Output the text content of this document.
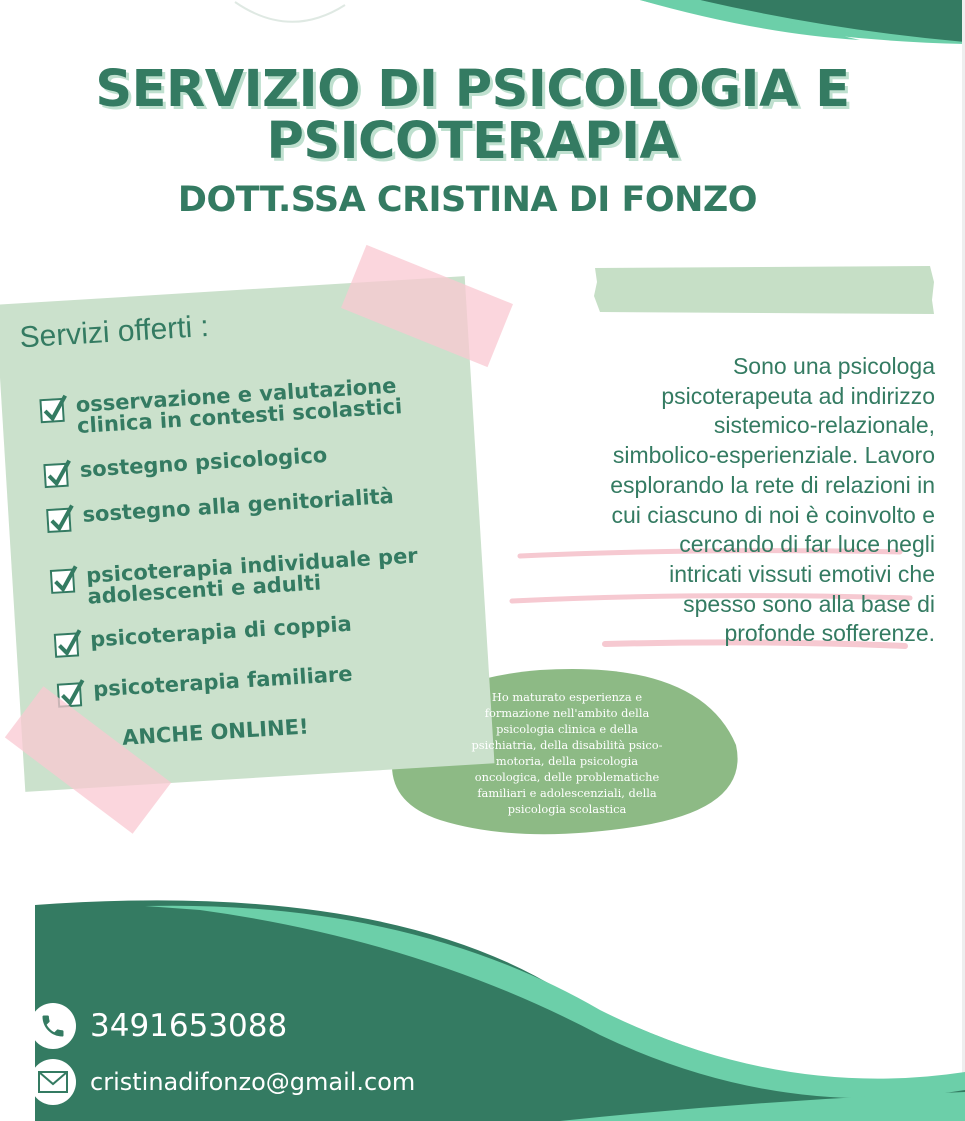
SERVIZIO DI PSICOLOGIA E
PSICOTERAPIA
DOTT.SSA CRISTINA DI FONZO
Servizi offerti :
osservazione e valutazione clinica in contesti scolastici
sostegno psicologico
sostegno alla genitorialità
psicoterapia individuale per adolescenti e adulti
psicoterapia di coppia
psicoterapia familiare
ANCHE ONLINE!
Sono una psicologa psicoterapeuta ad indirizzo sistemico-relazionale, simbolico-esperienziale. Lavoro esplorando la rete di relazioni in cui ciascuno di noi è coinvolto e cercando di far luce negli intricati vissuti emotivi che spesso sono alla base di profonde sofferenze.
Ho maturato esperienza e formazione nell'ambito della psicologia clinica e della psichiatria, della disabilità psico-motoria, della psicologia oncologica, delle problematiche familiari e adolescenziali, della psicologia scolastica
3491653088
cristinadifonzo@gmail.com
